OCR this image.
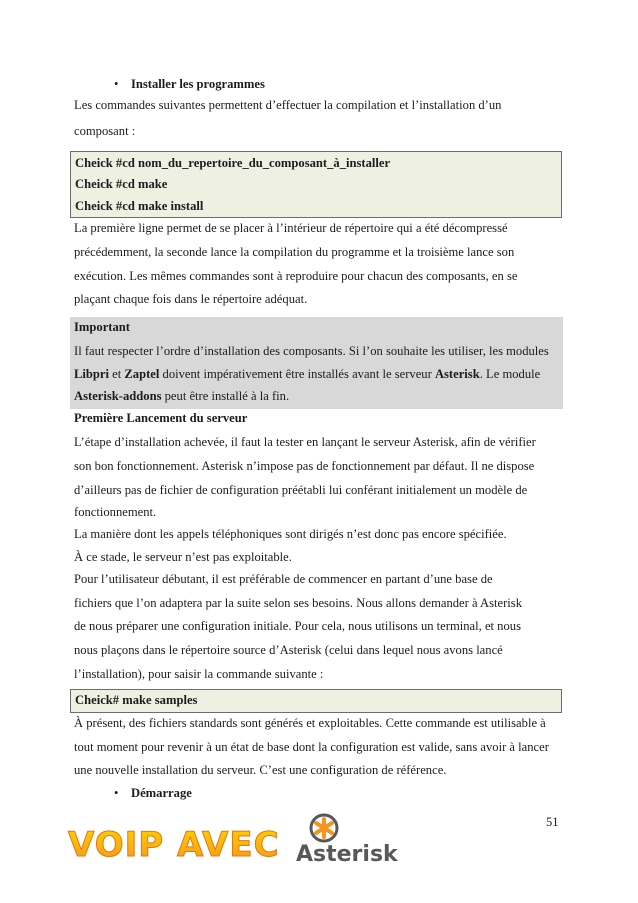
• Installer les programmes
Les commandes suivantes permettent d’effectuer la compilation et l’installation d’un
composant :
Cheick #cd nom_du_repertoire_du_composant_à_installer
Cheick #cd make
Cheick #cd make install
La première ligne permet de se placer à l’intérieur de répertoire qui a été décompressé
précédemment, la seconde lance la compilation du programme et la troisième lance son
exécution. Les mêmes commandes sont à reproduire pour chacun des composants, en se
plaçant chaque fois dans le répertoire adéquat.
Important
Il faut respecter l’ordre d’installation des composants. Si l’on souhaite les utiliser, les modules
Libpri et Zaptel doivent impérativement être installés avant le serveur Asterisk. Le module
Asterisk-addons peut être installé à la fin.
Première Lancement du serveur
L’étape d’installation achevée, il faut la tester en lançant le serveur Asterisk, afin de vérifier
son bon fonctionnement. Asterisk n’impose pas de fonctionnement par défaut. Il ne dispose
d’ailleurs pas de fichier de configuration préétabli lui conférant initialement un modèle de
fonctionnement.
La manière dont les appels téléphoniques sont dirigés n’est donc pas encore spécifiée.
À ce stade, le serveur n’est pas exploitable.
Pour l’utilisateur débutant, il est préférable de commencer en partant d’une base de
fichiers que l’on adaptera par la suite selon ses besoins. Nous allons demander à Asterisk
de nous préparer une configuration initiale. Pour cela, nous utilisons un terminal, et nous
nous plaçons dans le répertoire source d’Asterisk (celui dans lequel nous avons lancé
l’installation), pour saisir la commande suivante :
Cheick# make samples
À présent, des fichiers standards sont générés et exploitables. Cette commande est utilisable à
tout moment pour revenir à un état de base dont la configuration est valide, sans avoir à lancer
une nouvelle installation du serveur. C’est une configuration de référence.
• Démarrage
51
VOIP AVEC Asterisk
